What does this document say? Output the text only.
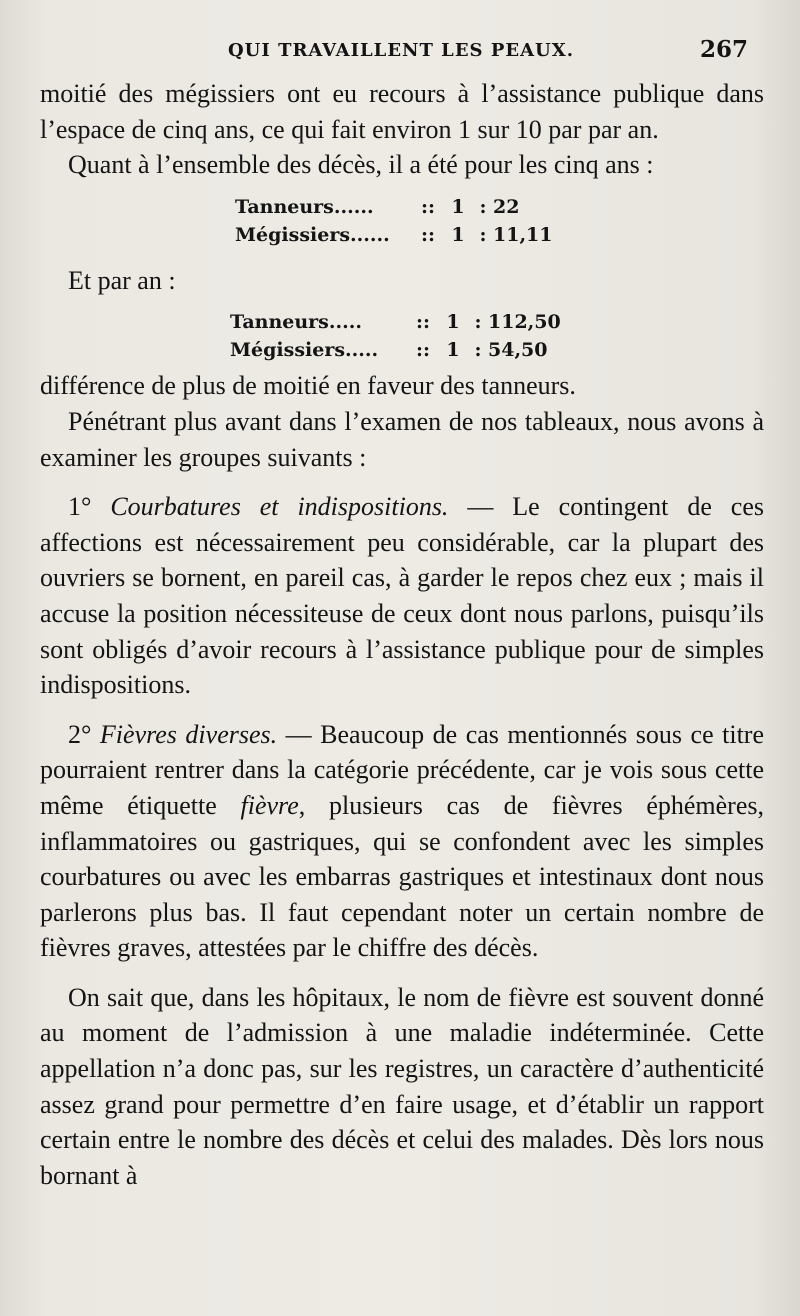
QUI TRAVAILLENT LES PEAUX.	267

moitié des mégissiers ont eu recours à l’assistance publique dans l’espace de cinq ans, ce qui fait environ 1 sur 10 par par an.

Quant à l’ensemble des décès, il a été pour les cinq ans :

Tanneurs......	:: 1 : 22
Mégissiers......	:: 1 : 11,11

Et par an :

Tanneurs.....	:: 1 : 112,50
Mégissiers.....	:: 1 : 54,50

différence de plus de moitié en faveur des tanneurs.

Pénétrant plus avant dans l’examen de nos tableaux, nous avons à examiner les groupes suivants :

1° Courbatures et indispositions. — Le contingent de ces affections est nécessairement peu considérable, car la plupart des ouvriers se bornent, en pareil cas, à garder le repos chez eux ; mais il accuse la position nécessiteuse de ceux dont nous parlons, puisqu’ils sont obligés d’avoir recours à l’assistance publique pour de simples indispositions.

2° Fièvres diverses. — Beaucoup de cas mentionnés sous ce titre pourraient rentrer dans la catégorie précédente, car je vois sous cette même étiquette fièvre, plusieurs cas de fièvres éphémères, inflammatoires ou gastriques, qui se confondent avec les simples courbatures ou avec les embarras gastriques et intestinaux dont nous parlerons plus bas. Il faut cependant noter un certain nombre de fièvres graves, attestées par le chiffre des décès.

On sait que, dans les hôpitaux, le nom de fièvre est souvent donné au moment de l’admission à une maladie indéterminée. Cette appellation n’a donc pas, sur les registres, un caractère d’authenticité assez grand pour permettre d’en faire usage, et d’établir un rapport certain entre le nombre des décès et celui des malades. Dès lors nous bornant à
